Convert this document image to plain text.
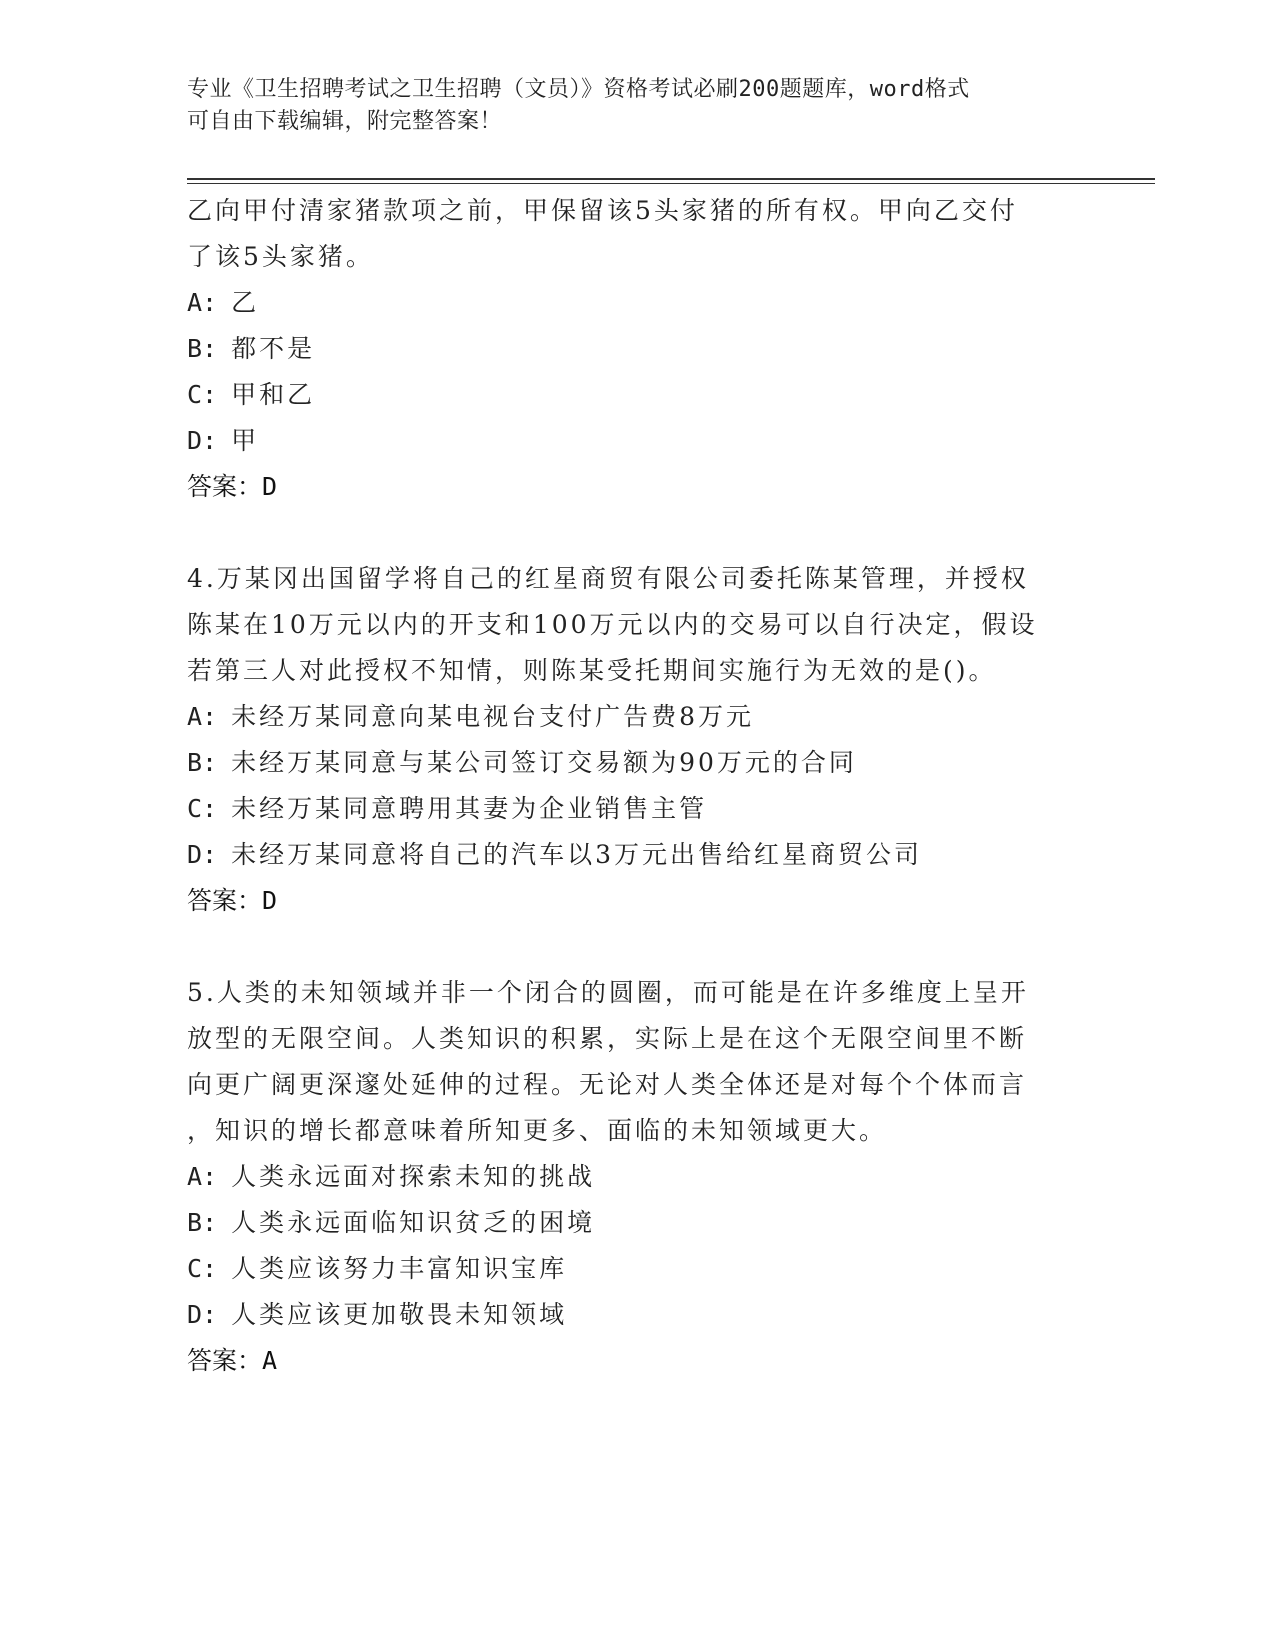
专业《卫生招聘考试之卫生招聘（文员）》资格考试必刷200题题库，word格式
可自由下载编辑，附完整答案！
乙向甲付清家猪款项之前，甲保留该5头家猪的所有权。甲向乙交付
了该5头家猪。
A: 乙
B: 都不是
C: 甲和乙
D: 甲
答案：D
4.万某冈出国留学将自己的红星商贸有限公司委托陈某管理，并授权
陈某在10万元以内的开支和100万元以内的交易可以自行决定，假设
若第三人对此授权不知情，则陈某受托期间实施行为无效的是()。
A: 未经万某同意向某电视台支付广告费8万元
B: 未经万某同意与某公司签订交易额为90万元的合同
C: 未经万某同意聘用其妻为企业销售主管
D: 未经万某同意将自己的汽车以3万元出售给红星商贸公司
答案：D
5.人类的未知领域并非一个闭合的圆圈，而可能是在许多维度上呈开
放型的无限空间。人类知识的积累，实际上是在这个无限空间里不断
向更广阔更深邃处延伸的过程。无论对人类全体还是对每个个体而言
，知识的增长都意味着所知更多、面临的未知领域更大。
A: 人类永远面对探索未知的挑战
B: 人类永远面临知识贫乏的困境
C: 人类应该努力丰富知识宝库
D: 人类应该更加敬畏未知领域
答案：A
